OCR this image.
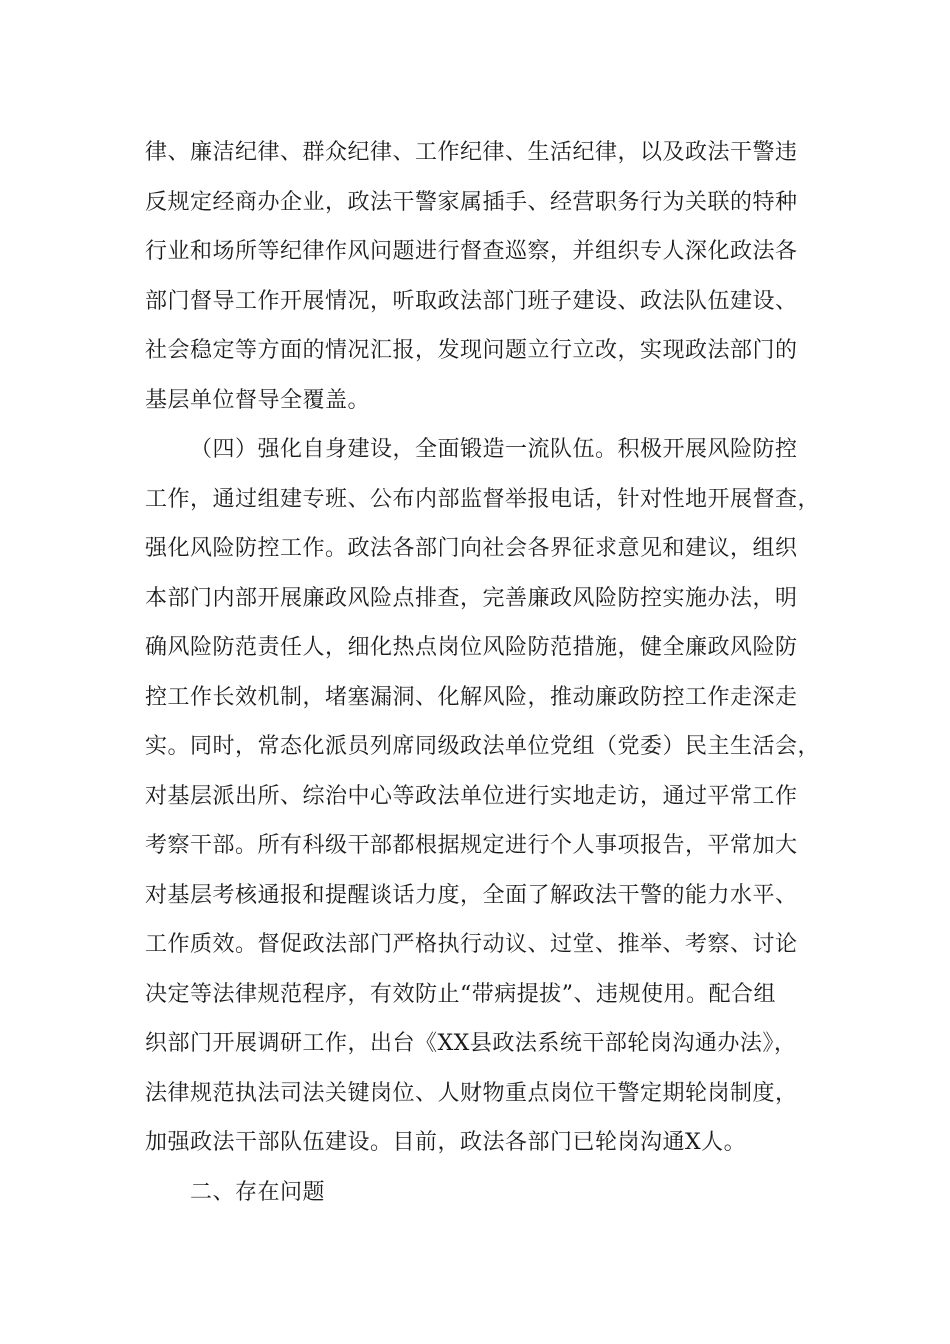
律、廉洁纪律、群众纪律、工作纪律、生活纪律，以及政法干警违
反规定经商办企业，政法干警家属插手、经营职务行为关联的特种
行业和场所等纪律作风问题进行督查巡察，并组织专人深化政法各
部门督导工作开展情况，听取政法部门班子建设、政法队伍建设、
社会稳定等方面的情况汇报，发现问题立行立改，实现政法部门的
基层单位督导全覆盖。
（四）强化自身建设，全面锻造一流队伍。积极开展风险防控
工作，通过组建专班、公布内部监督举报电话，针对性地开展督查，
强化风险防控工作。政法各部门向社会各界征求意见和建议，组织
本部门内部开展廉政风险点排查，完善廉政风险防控实施办法，明
确风险防范责任人，细化热点岗位风险防范措施，健全廉政风险防
控工作长效机制，堵塞漏洞、化解风险，推动廉政防控工作走深走
实。同时，常态化派员列席同级政法单位党组（党委）民主生活会，
对基层派出所、综治中心等政法单位进行实地走访，通过平常工作
考察干部。所有科级干部都根据规定进行个人事项报告，平常加大
对基层考核通报和提醒谈话力度，全面了解政法干警的能力水平、
工作质效。督促政法部门严格执行动议、过堂、推举、考察、讨论
决定等法律规范程序，有效防止“带病提拔”、违规使用。配合组
织部门开展调研工作，出台《XX县政法系统干部轮岗沟通办法》，
法律规范执法司法关键岗位、人财物重点岗位干警定期轮岗制度，
加强政法干部队伍建设。目前，政法各部门已轮岗沟通X人。
二、存在问题
